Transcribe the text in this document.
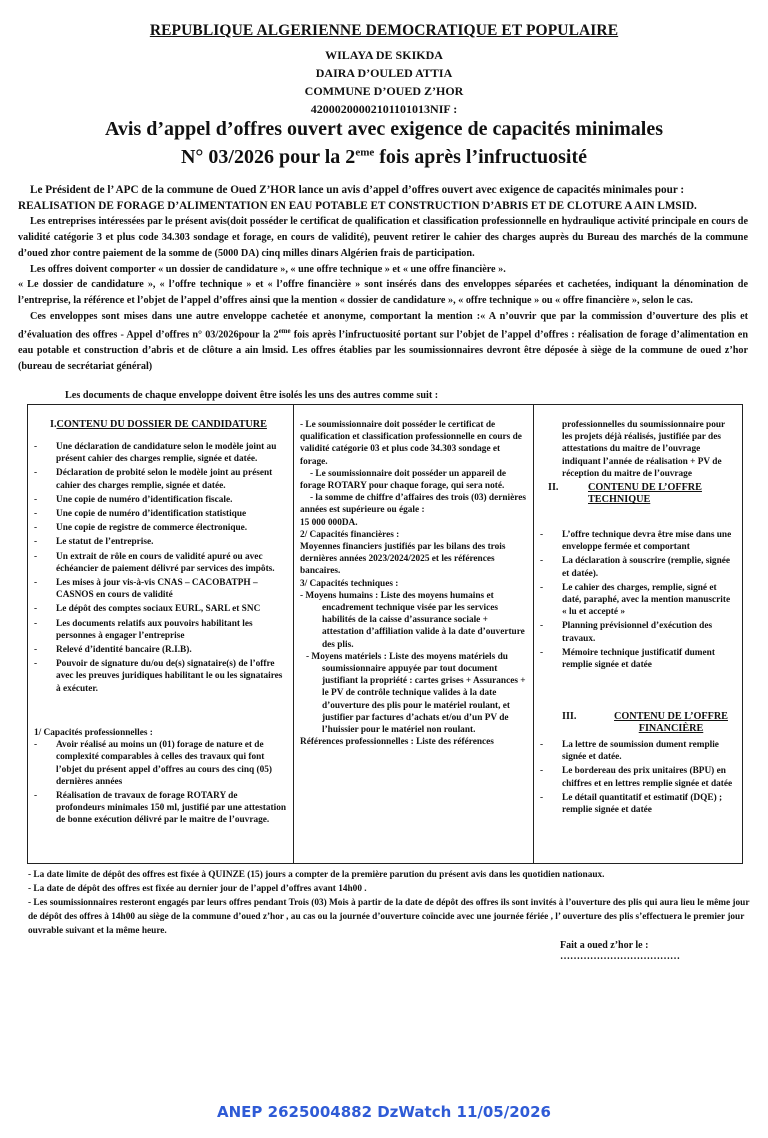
REPUBLIQUE ALGERIENNE DEMOCRATIQUE ET POPULAIRE
WILAYA DE SKIKDA
DAIRA D’OULED ATTIA
COMMUNE D’OUED Z’HOR
42000200002101101013NIF :
Avis d’appel d’offres ouvert avec exigence de capacités minimales
N° 03/2026 pour la 2eme fois après l’infructuosité

Le Président de l’ APC de la commune de Oued Z’HOR lance un avis d’appel d’offres ouvert avec exigence de capacités minimales pour :

REALISATION DE FORAGE D’ALIMENTATION EN EAU POTABLE ET CONSTRUCTION D’ABRIS ET DE CLOTURE A AIN LMSID.

Les entreprises intéressées par le présent avis(doit posséder le certificat de qualification et classification professionnelle en hydraulique activité principale en cours de validité catégorie 3 et plus code 34.303 sondage et forage, en cours de validité), peuvent retirer le cahier des charges auprès du Bureau des marchés de la commune d’oued zhor contre paiement de la somme de (5000 DA) cinq milles dinars Algérien frais de participation.

Les offres doivent comporter « un dossier de candidature », « une offre technique » et « une offre financière ».

« Le dossier de candidature », « l’offre technique » et « l’offre financière » sont insérés dans des enveloppes séparées et cachetées, indiquant la dénomination de l’entreprise, la référence et l’objet de l’appel d’offres ainsi que la mention « dossier de candidature », « offre technique » ou « offre financière », selon le cas.

Ces enveloppes sont mises dans une autre enveloppe cachetée et anonyme, comportant la mention :« A n’ouvrir que par la commission d’ouverture des plis et d’évaluation des offres - Appel d’offres n° 03/2026pour la 2eme fois après l’infructuosité portant sur l’objet de l’appel d’offres : réalisation de forage d’alimentation en eau potable et construction d’abris et de clôture a ain lmsid. Les offres établies par les soumissionnaires devront être déposée à siège de la commune de oued z’hor (bureau de secrétariat général)

Les documents de chaque enveloppe doivent être isolés les uns des autres comme suit :
I.CONTENU DU DOSSIER DE CANDIDATURE
-	Une déclaration de candidature selon le modèle joint au présent cahier des charges remplie, signée et datée.
-	Déclaration de probité selon le modèle joint au présent cahier des charges remplie, signée et datée.
-	Une copie de numéro d’identification fiscale.
-	Une copie de numéro d’identification statistique
-	Une copie de registre de commerce électronique.
-	Le statut de l’entreprise.
-	Un extrait de rôle en cours de validité apuré ou avec échéancier de paiement délivré par services des impôts.
-	Les mises à jour vis-à-vis CNAS – CACOBATPH – CASNOS en cours de validité
-	Le dépôt des comptes sociaux EURL, SARL et SNC
-	Les documents relatifs aux pouvoirs habilitant les personnes à engager l’entreprise
-	Relevé d’identité bancaire (R.I.B).
-	Pouvoir de signature du/ou de(s) signataire(s) de l’offre avec les preuves juridiques habilitant le ou les signataires à exécuter.
1/ Capacités professionnelles :
-	Avoir réalisé au moins un (01) forage de nature et de complexité comparables à celles des travaux qui font l’objet du présent appel d’offres au cours des cinq (05) dernières années
-	Réalisation de travaux de forage ROTARY de profondeurs minimales 150 ml, justifié par une attestation de bonne exécution délivré par le maitre de l’ouvrage.
- Le soumissionnaire doit posséder le certificat de qualification et classification professionnelle en cours de validité catégorie 03 et plus code 34.303 sondage et forage.
- Le soumissionnaire doit posséder un appareil de forage ROTARY pour chaque forage, qui sera noté.
- la somme de chiffre d’affaires des trois (03) dernières années est supérieure ou égale :
15 000 000DA.
2/ Capacités financières :
Moyennes financiers justifiés par les bilans des trois dernières années 2023/2024/2025 et les références bancaires.
3/ Capacités techniques :
- Moyens humains : Liste des moyens humains et encadrement technique visée par les services habilités de la caisse d’assurance sociale + attestation d’affiliation valide à la date d’ouverture des plis.
- Moyens matériels : Liste des moyens matériels du soumissionnaire appuyée par tout document justifiant la propriété : cartes grises + Assurances + le PV de contrôle technique valides à la date d’ouverture des plis pour le matériel roulant, et justifier par factures d’achats et/ou d’un PV de l’huissier pour le matériel non roulant.
Références professionnelles : Liste des références
professionnelles du soumissionnaire pour les projets déjà réalisés, justifiée par des attestations du maitre de l’ouvrage indiquant l’année de réalisation + PV de réception du maitre de l’ouvrage
II.	CONTENU DE L’OFFRE TECHNIQUE
-	L’offre technique devra être mise dans une enveloppe fermée et comportant
-	La déclaration à souscrire (remplie, signée et datée).
-	Le cahier des charges, remplie, signé et daté, paraphé, avec la mention manuscrite « lu et accepté »
-	Planning prévisionnel d’exécution des travaux.
-	Mémoire technique justificatif dument remplie signée et datée
III.	CONTENU DE L’OFFRE FINANCIÈRE
-	La lettre de soumission dument remplie signée et datée.
-	Le bordereau des prix unitaires (BPU) en chiffres et en lettres remplie signée et datée
-	Le détail quantitatif et estimatif (DQE) ; remplie signée et datée

- La date limite de dépôt des offres est fixée à QUINZE (15) jours a compter de la première parution du présent avis dans les quotidien nationaux.

- La date de dépôt des offres est fixée au dernier jour de l’appel d’offres avant 14h00 .

- Les soumissionnaires resteront engagés par leurs offres pendant Trois (03) Mois à partir de la date de dépôt des offres ils sont invités à l’ouverture des plis qui aura lieu le même jour de dépôt des offres à 14h00 au siège de la commune d’oued z’hor , au cas ou la journée d’ouverture coïncide avec une journée fériée , l’ ouverture des plis s’effectuera le premier jour ouvrable suivant et la même heure.

Fait a oued z’hor le : ………………………………
ANEP 2625004882 DzWatch 11/05/2026
